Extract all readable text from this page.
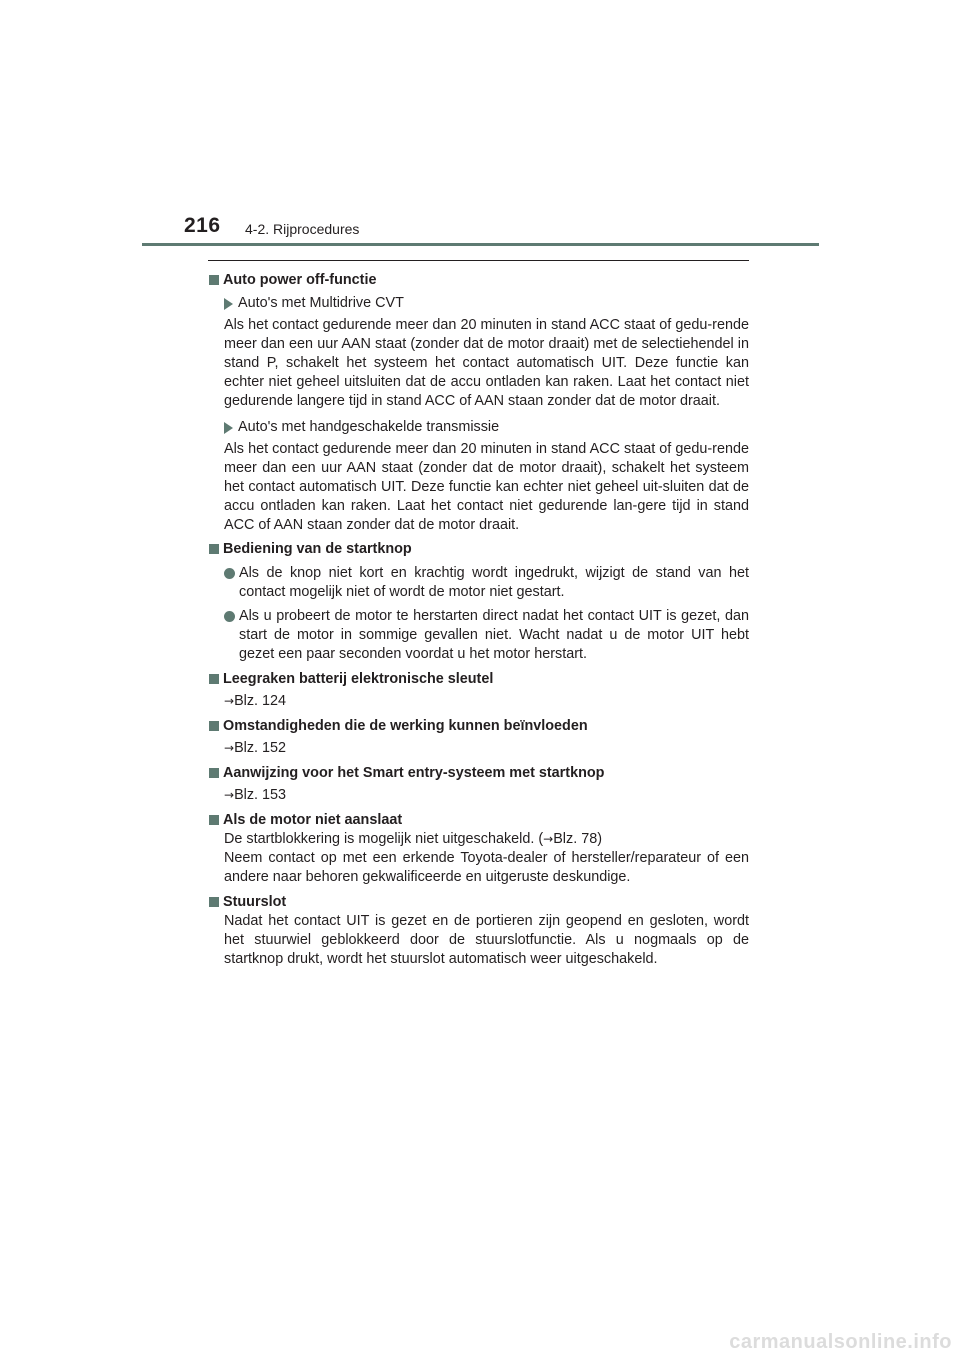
216 4-2. Rijprocedures
Auto power off-functie
Auto's met Multidrive CVT
Als het contact gedurende meer dan 20 minuten in stand ACC staat of gedu-rende meer dan een uur AAN staat (zonder dat de motor draait) met de selectiehendel in stand P, schakelt het systeem het contact automatisch UIT. Deze functie kan echter niet geheel uitsluiten dat de accu ontladen kan raken. Laat het contact niet gedurende langere tijd in stand ACC of AAN staan zonder dat de motor draait.
Auto's met handgeschakelde transmissie
Als het contact gedurende meer dan 20 minuten in stand ACC staat of gedu-rende meer dan een uur AAN staat (zonder dat de motor draait), schakelt het systeem het contact automatisch UIT. Deze functie kan echter niet geheel uit-sluiten dat de accu ontladen kan raken. Laat het contact niet gedurende lan-gere tijd in stand ACC of AAN staan zonder dat de motor draait.
Bediening van de startknop
Als de knop niet kort en krachtig wordt ingedrukt, wijzigt de stand van het contact mogelijk niet of wordt de motor niet gestart.
Als u probeert de motor te herstarten direct nadat het contact UIT is gezet, dan start de motor in sommige gevallen niet. Wacht nadat u de motor UIT hebt gezet een paar seconden voordat u het motor herstart.
Leegraken batterij elektronische sleutel
→Blz. 124
Omstandigheden die de werking kunnen beïnvloeden
→Blz. 152
Aanwijzing voor het Smart entry-systeem met startknop
→Blz. 153
Als de motor niet aanslaat
De startblokkering is mogelijk niet uitgeschakeld. (→Blz. 78)
Neem contact op met een erkende Toyota-dealer of hersteller/reparateur of een andere naar behoren gekwalificeerde en uitgeruste deskundige.
Stuurslot
Nadat het contact UIT is gezet en de portieren zijn geopend en gesloten, wordt het stuurwiel geblokkeerd door de stuurslotfunctie. Als u nogmaals op de startknop drukt, wordt het stuurslot automatisch weer uitgeschakeld.
carmanualsonline.info
